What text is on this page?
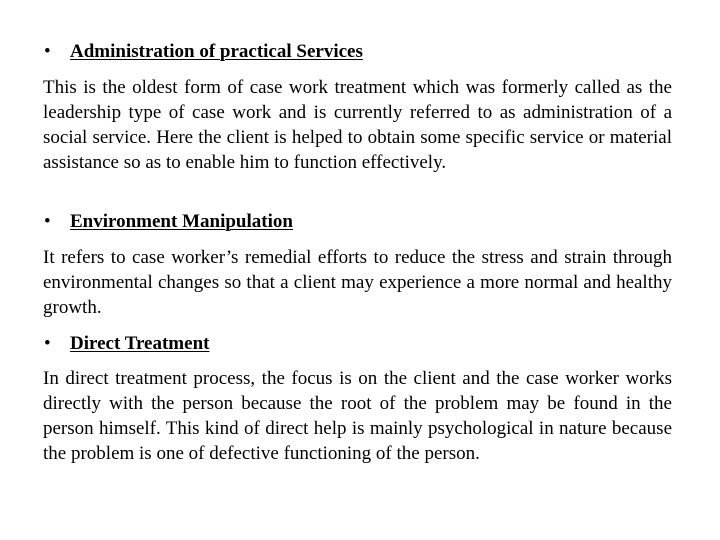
• Administration of practical Services

This is the oldest form of case work treatment which was formerly called as the leadership type of case work and is currently referred to as administration of a social service. Here the client is helped to obtain some specific service or material assistance so as to enable him to function effectively.

• Environment Manipulation

It refers to case worker’s remedial efforts to reduce the stress and strain through environmental changes so that a client may experience a more normal and healthy growth.

• Direct Treatment

In direct treatment process, the focus is on the client and the case worker works directly with the person because the root of the problem may be found in the person himself. This kind of direct help is mainly psychological in nature because the problem is one of defective functioning of the person.
